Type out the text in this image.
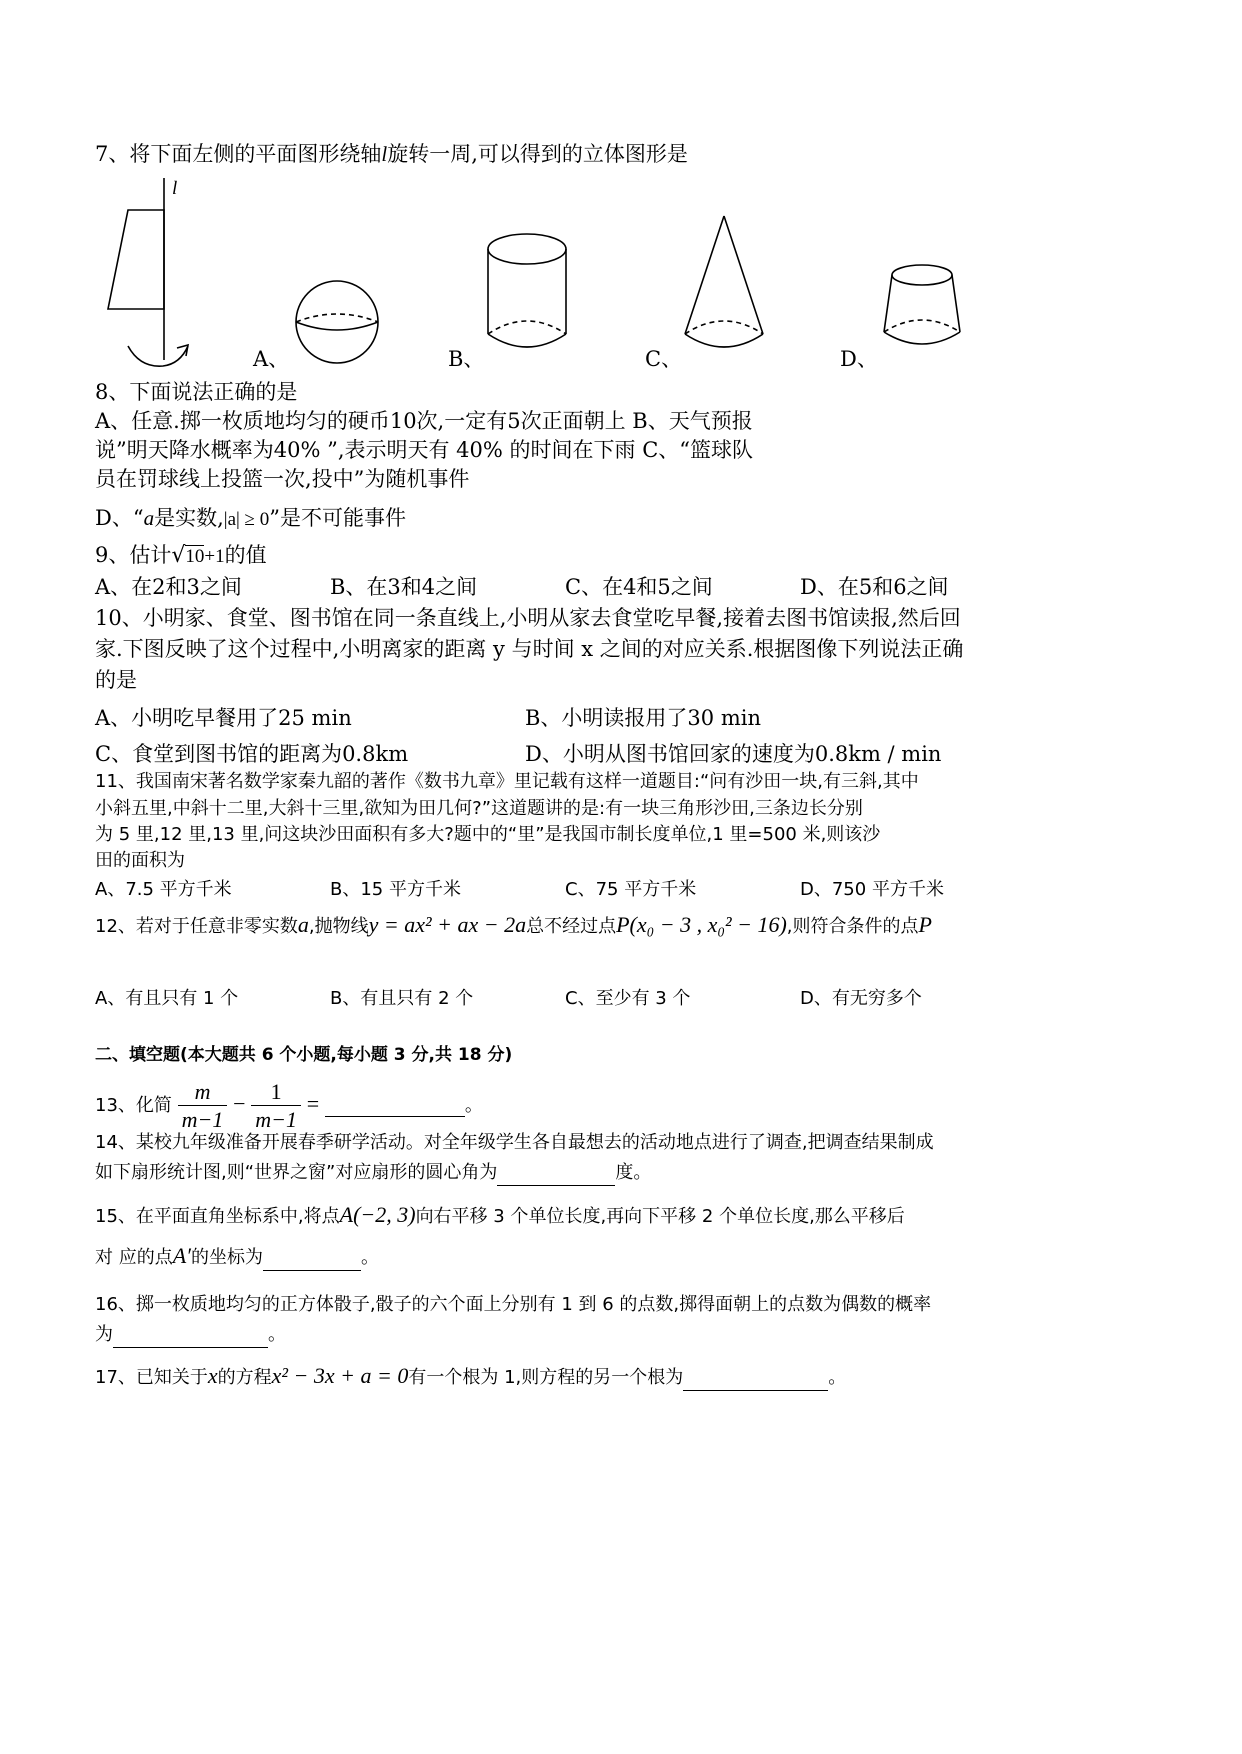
7、将下面左侧的平面图形绕轴l旋转一周,可以得到的立体图形是
l
A、	B、	C、	D、
8、下面说法正确的是
A、任意.掷一枚质地均匀的硬币10次,一定有5次正面朝上 B、天气预报
说”明天降水概率为40% ”,表示明天有 40% 的时间在下雨 C、“篮球队
员在罚球线上投篮一次,投中”为随机事件
D、“a是实数,|a| ≥ 0”是不可能事件
9、估计√10+1的值
A、在2和3之间	B、在3和4之间	C、在4和5之间	D、在5和6之间
10、小明家、食堂、图书馆在同一条直线上,小明从家去食堂吃早餐,接着去图书馆读报,然后回
家.下图反映了这个过程中,小明离家的距离 y 与时间 x 之间的对应关系.根据图像下列说法正确
的是
A、小明吃早餐用了25 min	B、小明读报用了30 min
C、食堂到图书馆的距离为0.8km	D、小明从图书馆回家的速度为0.8km / min
11、我国南宋著名数学家秦九韶的著作《数书九章》里记载有这样一道题目:“问有沙田一块,有三斜,其中
小斜五里,中斜十二里,大斜十三里,欲知为田几何?”这道题讲的是:有一块三角形沙田,三条边长分别
为 5 里,12 里,13 里,问这块沙田面积有多大?题中的“里”是我国市制长度单位,1 里=500 米,则该沙
田的面积为
A、7.5 平方千米	B、15 平方千米	C、75 平方千米	D、750 平方千米
12、若对于任意非零实数a,抛物线y = ax² + ax − 2a总不经过点P(x₀ − 3 , x₀² − 16),则符合条件的点P
A、有且只有 1 个	B、有且只有 2 个	C、至少有 3 个	D、有无穷多个
二、填空题(本大题共 6 个小题,每小题 3 分,共 18 分)
13、化简 $\frac{m}{m-1} - \frac{1}{m-1}$ =	。
14、某校九年级准备开展春季研学活动。对全年级学生各自最想去的活动地点进行了调查,把调查结果制成
如下扇形统计图,则“世界之窗”对应扇形的圆心角为	度。
15、在平面直角坐标系中,将点A(−2, 3)向右平移 3 个单位长度,再向下平移 2 个单位长度,那么平移后
对 应的点A′的坐标为	。
16、掷一枚质地均匀的正方体骰子,骰子的六个面上分别有 1 到 6 的点数,掷得面朝上的点数为偶数的概率
为	。
17、已知关于x的方程x² − 3x + a = 0有一个根为 1,则方程的另一个根为	。
